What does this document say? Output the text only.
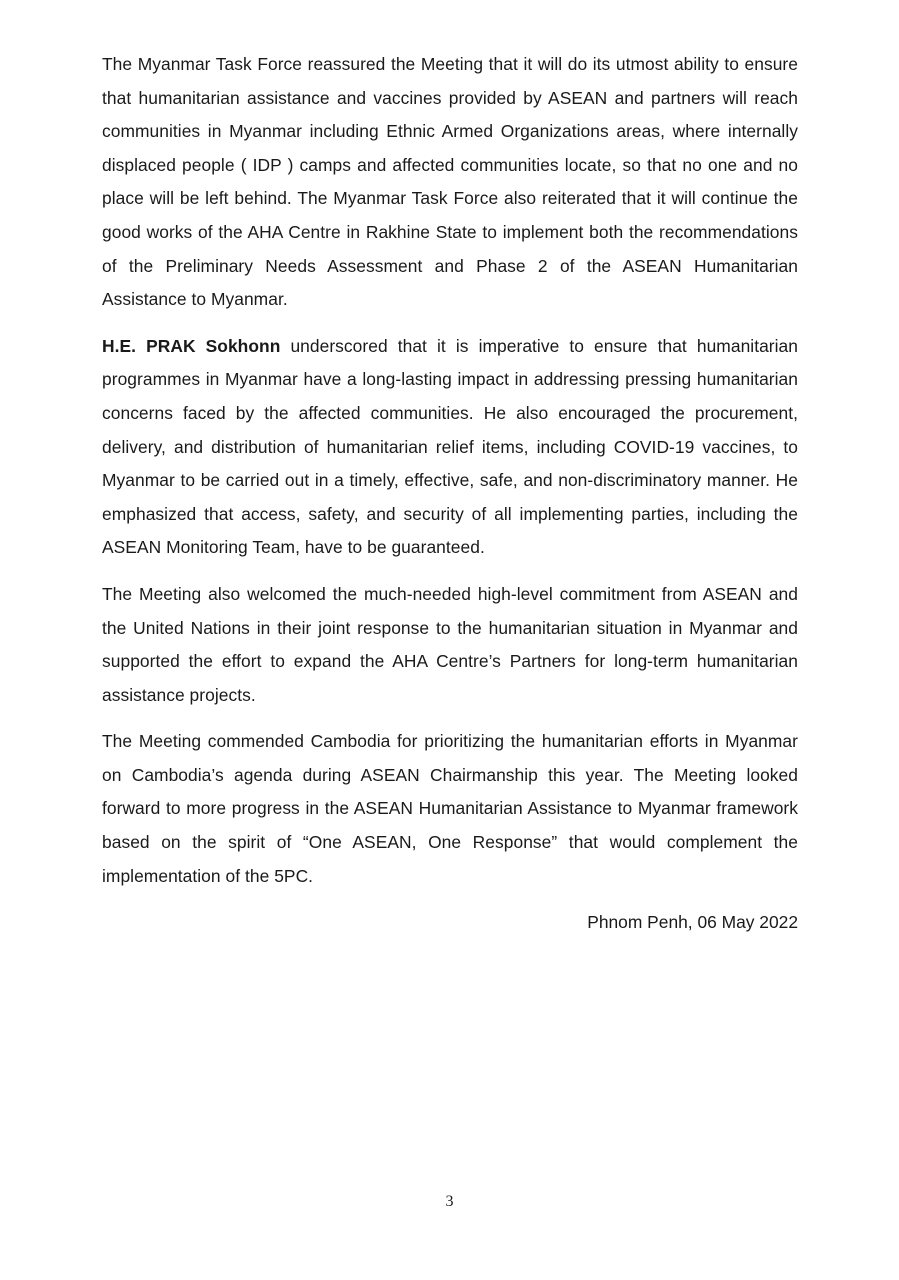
The Myanmar Task Force reassured the Meeting that it will do its utmost ability to ensure that humanitarian assistance and vaccines provided by ASEAN and partners will reach communities in Myanmar including Ethnic Armed Organizations areas, where internally displaced people ( IDP ) camps and affected communities locate, so that no one and no place will be left behind. The Myanmar Task Force also reiterated that it will continue the good works of the AHA Centre in Rakhine State to implement both the recommendations of the Preliminary Needs Assessment and Phase 2 of the ASEAN Humanitarian Assistance to Myanmar.

H.E. PRAK Sokhonn underscored that it is imperative to ensure that humanitarian programmes in Myanmar have a long-lasting impact in addressing pressing humanitarian concerns faced by the affected communities. He also encouraged the procurement, delivery, and distribution of humanitarian relief items, including COVID-19 vaccines, to Myanmar to be carried out in a timely, effective, safe, and non-discriminatory manner. He emphasized that access, safety, and security of all implementing parties, including the ASEAN Monitoring Team, have to be guaranteed.

The Meeting also welcomed the much-needed high-level commitment from ASEAN and the United Nations in their joint response to the humanitarian situation in Myanmar and supported the effort to expand the AHA Centre’s Partners for long-term humanitarian assistance projects.

The Meeting commended Cambodia for prioritizing the humanitarian efforts in Myanmar on Cambodia’s agenda during ASEAN Chairmanship this year. The Meeting looked forward to more progress in the ASEAN Humanitarian Assistance to Myanmar framework based on the spirit of “One ASEAN, One Response” that would complement the implementation of the 5PC.

Phnom Penh, 06 May 2022
3
